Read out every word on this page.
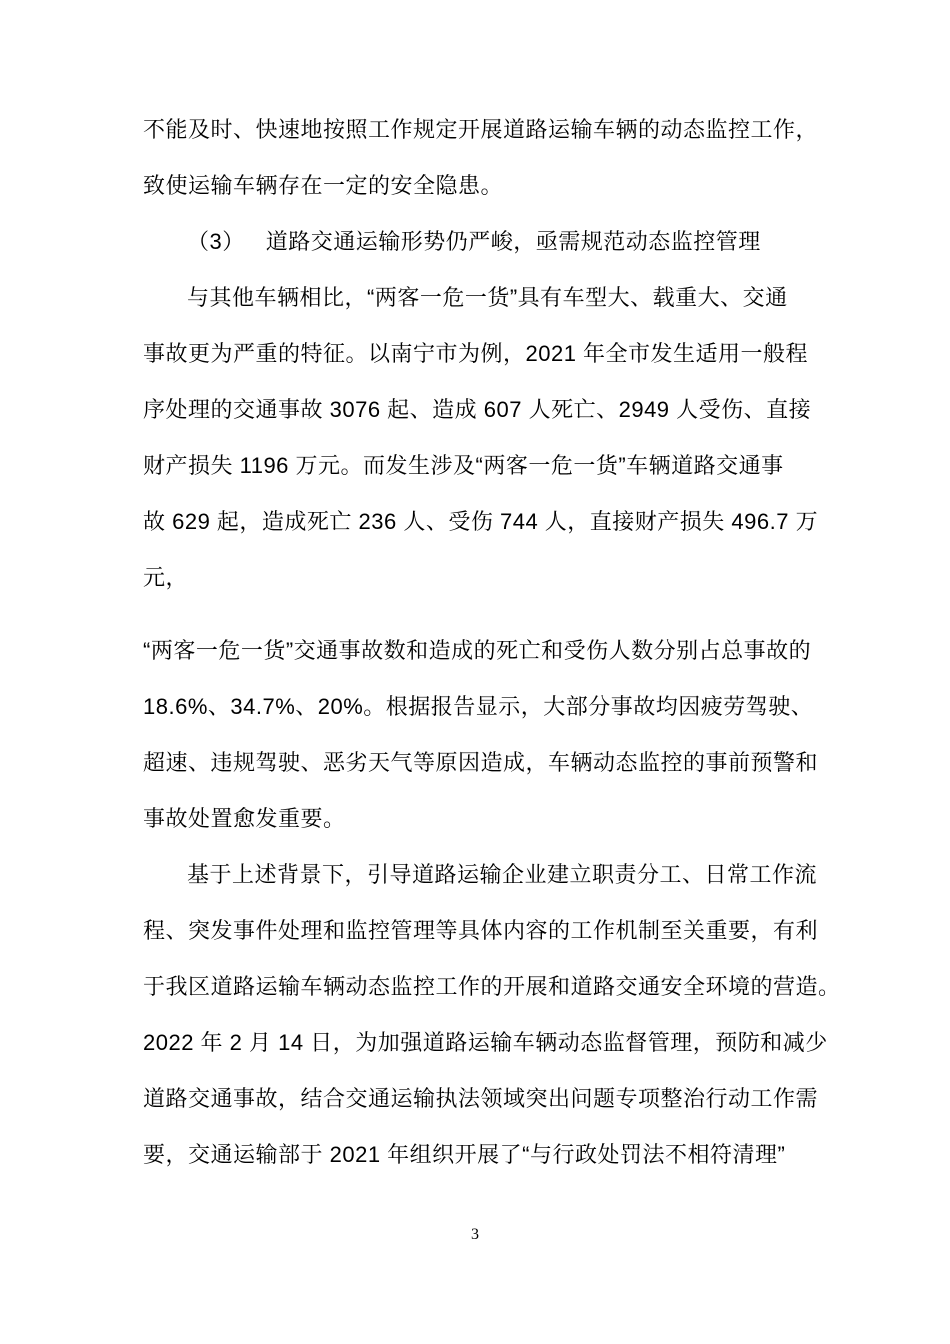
不能及时、快速地按照工作规定开展道路运输车辆的动态监控工作，
致使运输车辆存在一定的安全隐患。
（3） 道路交通运输形势仍严峻，亟需规范动态监控管理
与其他车辆相比，“两客一危一货”具有车型大、载重大、交通
事故更为严重的特征。以南宁市为例，2021 年全市发生适用一般程
序处理的交通事故 3076 起、造成 607 人死亡、2949 人受伤、直接
财产损失 1196 万元。而发生涉及“两客一危一货”车辆道路交通事
故 629 起，造成死亡 236 人、受伤 744 人，直接财产损失 496.7 万
元，
“两客一危一货”交通事故数和造成的死亡和受伤人数分别占总事故的
18.6%、34.7%、20%。根据报告显示，大部分事故均因疲劳驾驶、
超速、违规驾驶、恶劣天气等原因造成，车辆动态监控的事前预警和
事故处置愈发重要。
基于上述背景下，引导道路运输企业建立职责分工、日常工作流
程、突发事件处理和监控管理等具体内容的工作机制至关重要，有利
于我区道路运输车辆动态监控工作的开展和道路交通安全环境的营造。
2022 年 2 月 14 日，为加强道路运输车辆动态监督管理，预防和减少
道路交通事故，结合交通运输执法领域突出问题专项整治行动工作需
要，交通运输部于 2021 年组织开展了“与行政处罚法不相符清理”
3
